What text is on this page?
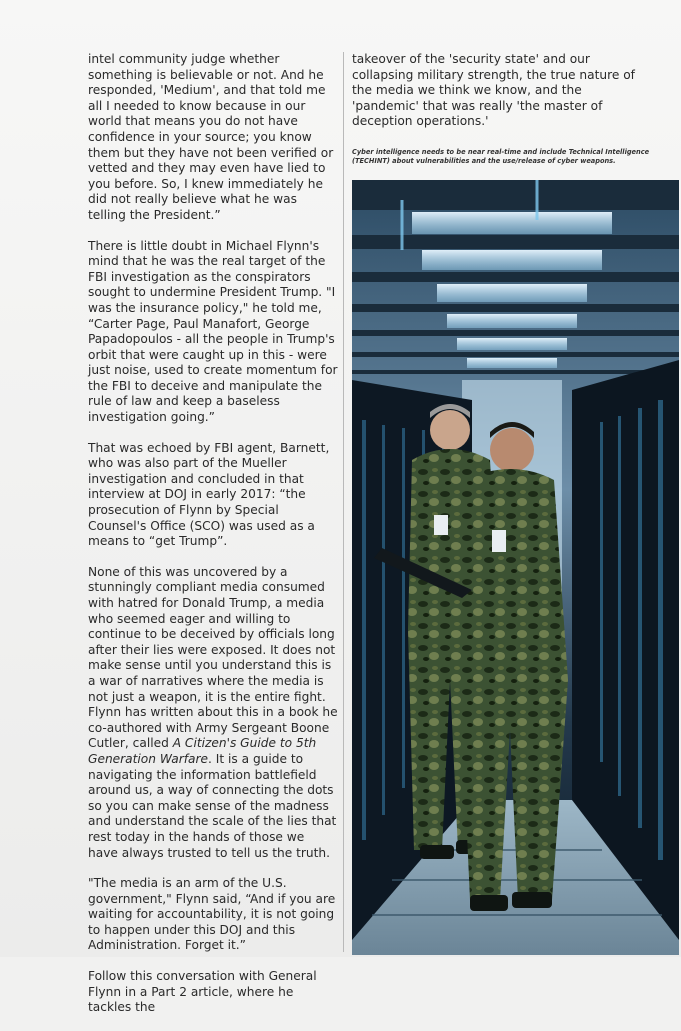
intel community judge whether something is believable or not. And he responded, 'Medium', and that told me all I needed to know because in our world that means you do not have confidence in your source; you know them but they have not been verified or vetted and they may even have lied to you before. So, I knew immediately he did not really believe what he was telling the President.”

There is little doubt in Michael Flynn's mind that he was the real target of the FBI investigation as the conspirators sought to undermine President Trump. "I was the insurance policy," he told me, “Carter Page, Paul Manafort, George Papadopoulos - all the people in Trump's orbit that were caught up in this - were just noise, used to create momentum for the FBI to deceive and manipulate the rule of law and keep a baseless investigation going.”

That was echoed by FBI agent, Barnett, who was also part of the Mueller investigation and concluded in that interview at DOJ in early 2017: “the prosecution of Flynn by Special Counsel's Office (SCO) was used as a means to “get Trump”.

None of this was uncovered by a stunningly compliant media consumed with hatred for Donald Trump, a media who seemed eager and willing to continue to be deceived by officials long after their lies were exposed. It does not make sense until you understand this is a war of narratives where the media is not just a weapon, it is the entire fight. Flynn has written about this in a book he co-authored with Army Sergeant Boone Cutler, called A Citizen's Guide to 5th Generation Warfare. It is a guide to navigating the information battlefield around us, a way of connecting the dots so you can make sense of the madness and understand the scale of the lies that rest today in the hands of those we have always trusted to tell us the truth.

"The media is an arm of the U.S. government," Flynn said, “And if you are waiting for accountability, it is not going to happen under this DOJ and this Administration. Forget it.”

Follow this conversation with General Flynn in a Part 2 article, where he tackles the

takeover of the 'security state' and our collapsing military strength, the true nature of the media we think we know, and the 'pandemic' that was really 'the master of deception operations.'

Cyber intelligence needs to be near real-time and include Technical Intelligence (TECHINT) about vulnerabilities and the use/release of cyber weapons.
